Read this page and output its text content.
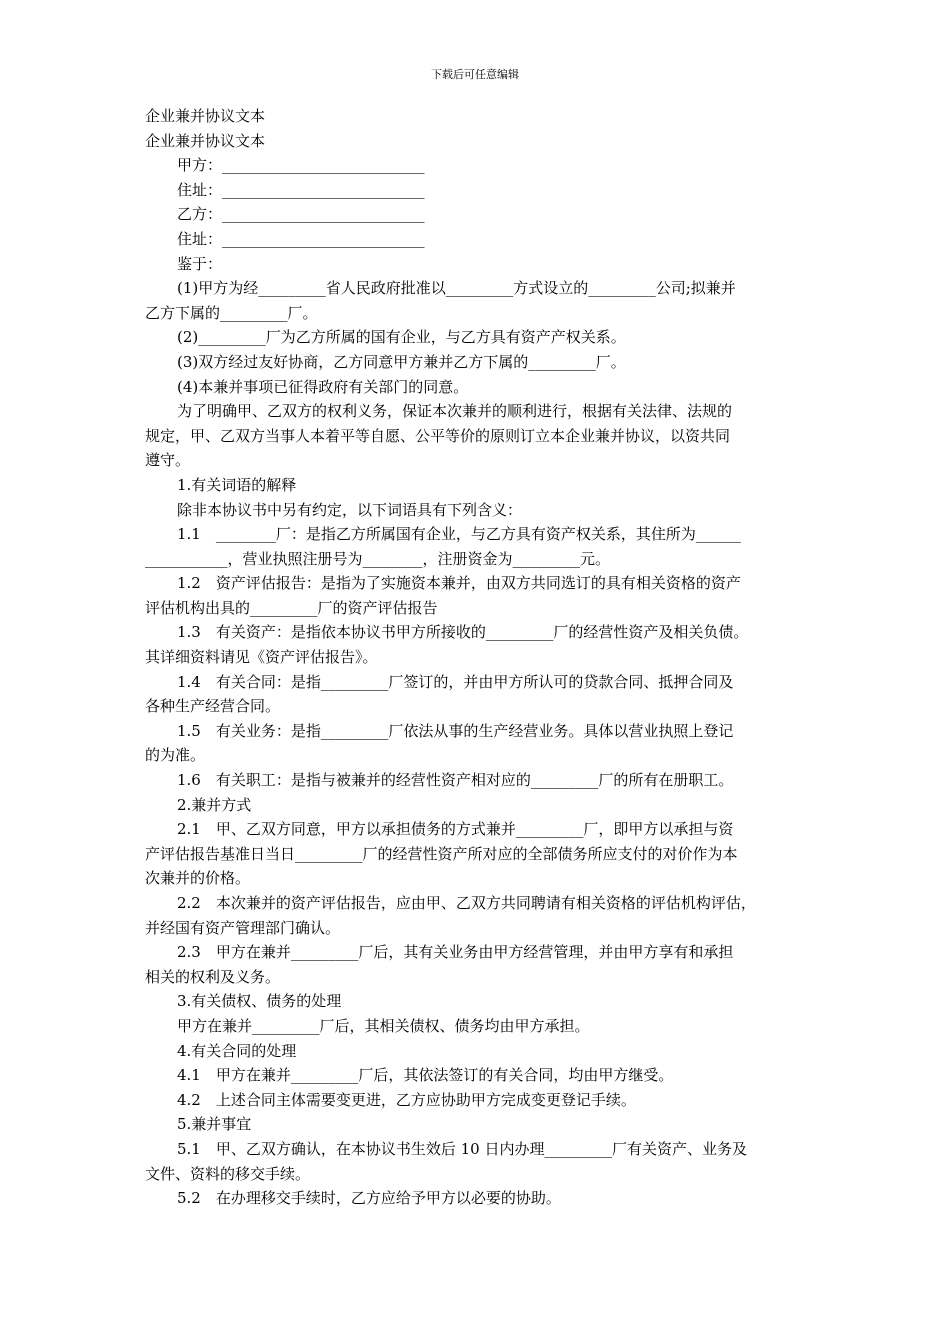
下载后可任意编辑
企业兼并协议文本
企业兼并协议文本
甲方：___________________________
住址：___________________________
乙方：___________________________
住址：___________________________
鉴于：
(1)甲方为经_________省人民政府批准以_________方式设立的_________公司;拟兼并
乙方下属的_________厂。
(2)_________厂为乙方所属的国有企业，与乙方具有资产产权关系。
(3)双方经过友好协商，乙方同意甲方兼并乙方下属的_________厂。
(4)本兼并事项已征得政府有关部门的同意。
为了明确甲、乙双方的权利义务，保证本次兼并的顺利进行，根据有关法律、法规的
规定，甲、乙双方当事人本着平等自愿、公平等价的原则订立本企业兼并协议，以资共同
遵守。
1.有关词语的解释
除非本协议书中另有约定，以下词语具有下列含义：
1.1　________厂：是指乙方所属国有企业，与乙方具有资产权关系，其住所为______
___________，营业执照注册号为________，注册资金为_________元。
1.2　资产评估报告：是指为了实施资本兼并，由双方共同选订的具有相关资格的资产
评估机构出具的_________厂的资产评估报告
1.3　有关资产：是指依本协议书甲方所接收的_________厂的经营性资产及相关负债。
其详细资料请见《资产评估报告》。
1.4　有关合同：是指_________厂签订的，并由甲方所认可的贷款合同、抵押合同及
各种生产经营合同。
1.5　有关业务：是指_________厂依法从事的生产经营业务。具体以营业执照上登记
的为准。
1.6　有关职工：是指与被兼并的经营性资产相对应的_________厂的所有在册职工。
2.兼并方式
2.1　甲、乙双方同意，甲方以承担债务的方式兼并_________厂，即甲方以承担与资
产评估报告基准日当日_________厂的经营性资产所对应的全部债务所应支付的对价作为本
次兼并的价格。
2.2　本次兼并的资产评估报告，应由甲、乙双方共同聘请有相关资格的评估机构评估，
并经国有资产管理部门确认。
2.3　甲方在兼并_________厂后，其有关业务由甲方经营管理，并由甲方享有和承担
相关的权利及义务。
3.有关债权、债务的处理
甲方在兼并_________厂后，其相关债权、债务均由甲方承担。
4.有关合同的处理
4.1　甲方在兼并_________厂后，其依法签订的有关合同，均由甲方继受。
4.2　上述合同主体需要变更进，乙方应协助甲方完成变更登记手续。
5.兼并事宜
5.1　甲、乙双方确认，在本协议书生效后 10 日内办理_________厂有关资产、业务及
文件、资料的移交手续。
5.2　在办理移交手续时，乙方应给予甲方以必要的协助。
